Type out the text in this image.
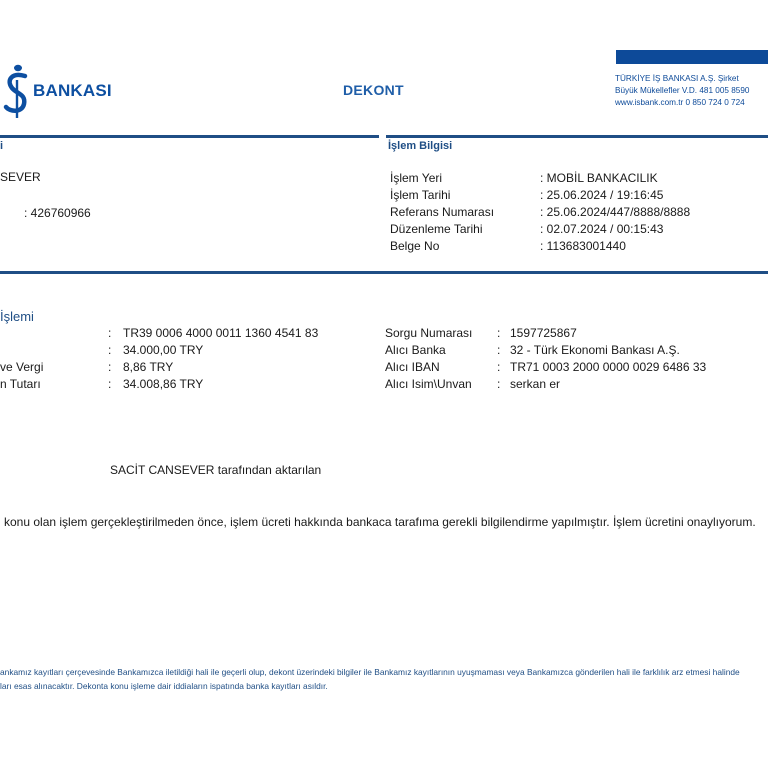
BANKASI	DEKONT
TÜRKİYE İŞ BANKASI A.Ş. Şirket
Büyük Mükellefler V.D. 481 005 8590
www.isbank.com.tr 0 850 724 0 724
i
SEVER
: 426760966
İşlem Bilgisi
İşlem Yeri	: MOBİL BANKACILIK
İşlem Tarihi	: 25.06.2024 / 19:16:45
Referans Numarası	: 25.06.2024/447/8888/8888
Düzenleme Tarihi	: 02.07.2024 / 00:15:43
Belge No	: 113683001440
İşlemi
: TR39 0006 4000 0011 1360 4541 83
: 34.000,00 TRY
ve Vergi	: 8,86 TRY
n Tutarı	: 34.008,86 TRY
Sorgu Numarası : 1597725867
Alıcı Banka	: 32 - Türk Ekonomi Bankası A.Ş.
Alıcı IBAN	: TR71 0003 2000 0000 0029 6486 33
Alıcı Isim\Unvan : serkan er
SACİT CANSEVER tarafından aktarılan
konu olan işlem gerçekleştirilmeden önce, işlem ücreti hakkında bankaca tarafıma gerekli bilgilendirme yapılmıştır. İşlem ücretini onaylıyorum.
ankamız kayıtları çerçevesinde Bankamızca iletildiği hali ile geçerli olup, dekont üzerindeki bilgiler ile Bankamız kayıtlarının uyuşmaması veya Bankamızca gönderilen hali ile farklılık arz etmesi halinde
ları esas alınacaktır. Dekonta konu işleme dair iddiaların ispatında banka kayıtları asıldır.
